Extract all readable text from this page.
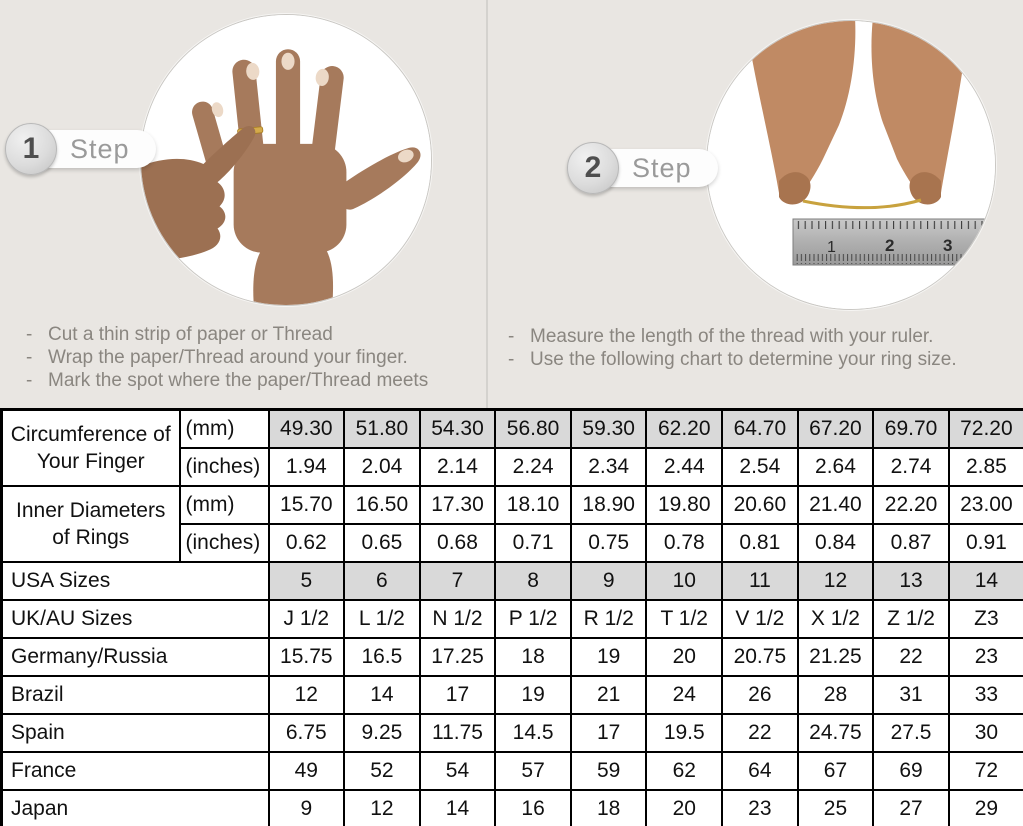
1	Step
- Cut a thin strip of paper or Thread
- Wrap the paper/Thread around your finger.
- Mark the spot where the paper/Thread meets
1	2	3
2	Step
- Measure the length of the thread with your ruler.
- Use the following chart to determine your ring size.
Circumference of Your Finger	(mm)	49.30	51.80	54.30	56.80	59.30	62.20	64.70	67.20	69.70	72.20
	(inches)	1.94	2.04	2.14	2.24	2.34	2.44	2.54	2.64	2.74	2.85
Inner Diameters of Rings	(mm)	15.70	16.50	17.30	18.10	18.90	19.80	20.60	21.40	22.20	23.00
	(inches)	0.62	0.65	0.68	0.71	0.75	0.78	0.81	0.84	0.87	0.91
USA Sizes		5	6	7	8	9	10	11	12	13	14
UK/AU Sizes		J 1/2	L 1/2	N 1/2	P 1/2	R 1/2	T 1/2	V 1/2	X 1/2	Z 1/2	Z3
Germany/Russia		15.75	16.5	17.25	18	19	20	20.75	21.25	22	23
Brazil		12	14	17	19	21	24	26	28	31	33
Spain		6.75	9.25	11.75	14.5	17	19.5	22	24.75	27.5	30
France		49	52	54	57	59	62	64	67	69	72
Japan		9	12	14	16	18	20	23	25	27	29
